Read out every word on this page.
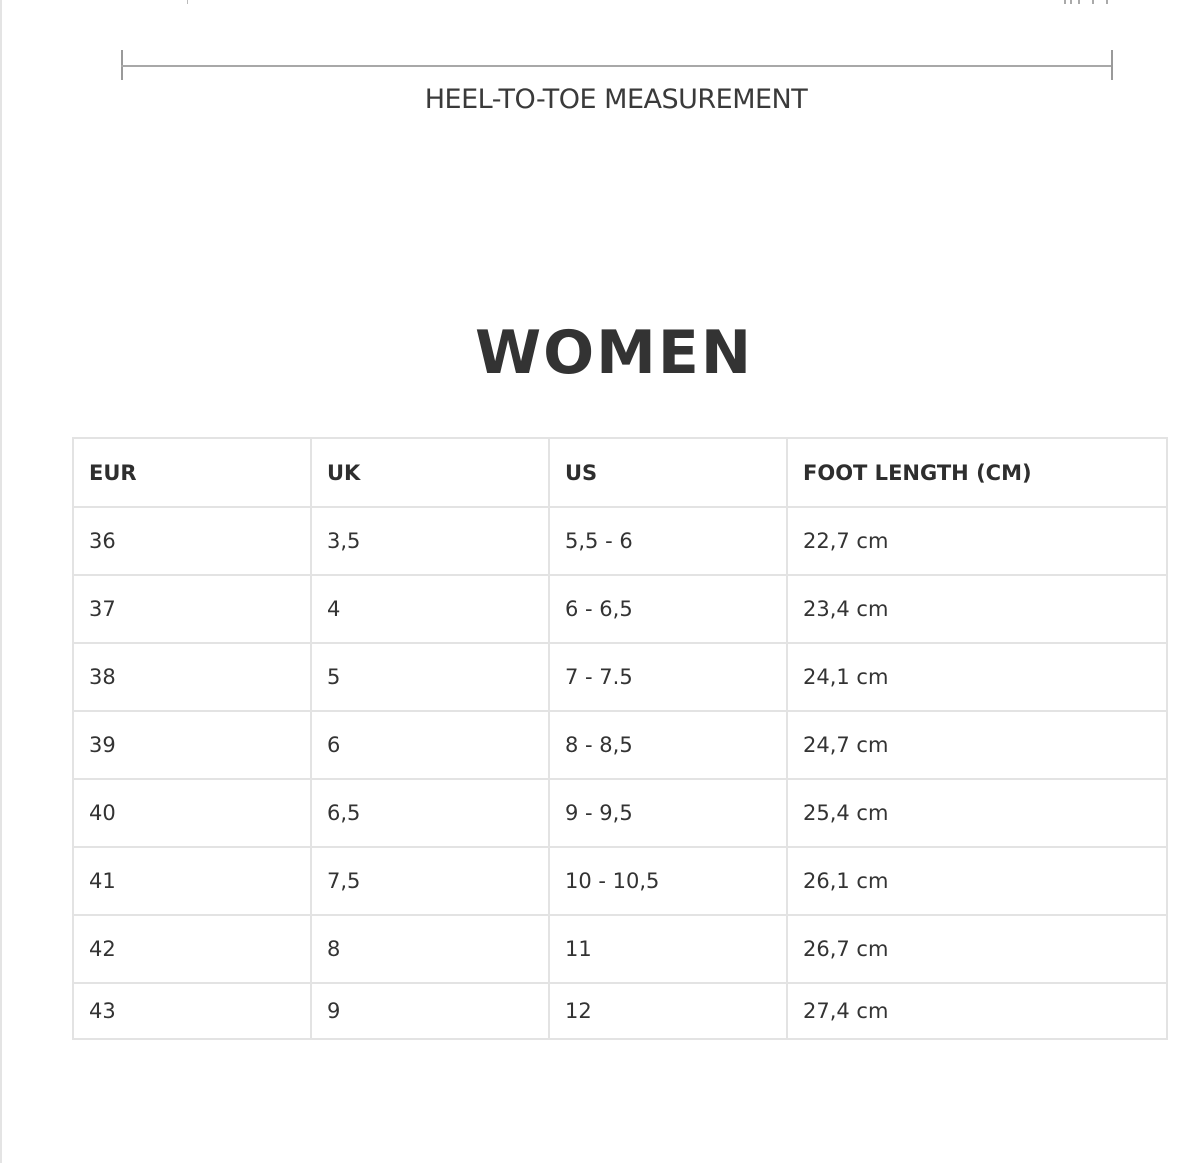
HEEL-TO-TOE MEASUREMENT
WOMEN
EUR	UK	US	FOOT LENGTH (CM)
36	3,5	5,5 - 6	22,7 cm
37	4	6 - 6,5	23,4 cm
38	5	7 - 7.5	24,1 cm
39	6	8 - 8,5	24,7 cm
40	6,5	9 - 9,5	25,4 cm
41	7,5	10 - 10,5	26,1 cm
42	8	11	26,7 cm
43	9	12	27,4 cm
